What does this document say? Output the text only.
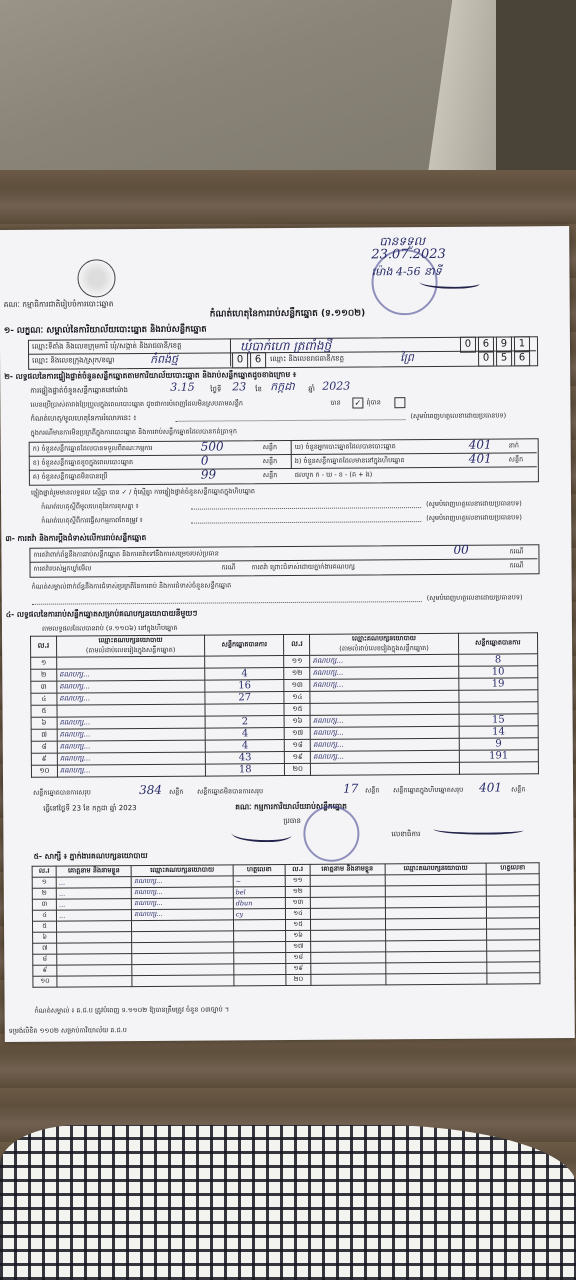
គណៈ កម្មាធិការជាតិរៀបចំការបោះឆ្នោត
កំណត់ហេតុនៃការរាប់សន្លឹកឆ្នោត (ទ.១១០២)
បានទទួល
23.07.2023
ម៉ោង 4-56 នាទី
១- លក្ខណៈ សម្គាល់នៃការិយាល័យបោះឆ្នោត និងរាប់សន្លឹកឆ្នោត
ឈ្មោះទីតាំង និងលេខក្រុមការិ ឃុំ/សង្កាត់ និងរាជធានី/ខេត្ត	ឃុំបាក់ហោ ត្រពាំងថ្មី	0	6	9	1
ឈ្មោះ និងលេខក្រុង/ស្រុក/ខណ្ឌ	កំពង់ថ្ម	0	6	ឈ្មោះ និងលេខរាជធានី/ខេត្ត	ព្រៃ	0	5	6
២- លទ្ធផលនៃការផ្ទៀងផ្ទាត់ចំនួនសន្លឹកឆ្នោតតាមការិយាល័យបោះឆ្នោត និងរាប់សន្លឹកឆ្នោតដូចខាងក្រោម ៖
ការផ្ទៀងផ្ទាត់ចំនួនសន្លឹកឆ្នោតនៅម៉ោង	3.15 ថ្ងៃទី 23 ខែ កក្កដា ឆ្នាំ 2023
លេខប្រើប្រាស់តារាងប្រែប្រួលក្នុងពេលបោះឆ្នោត ដូចជាការបំពេញដែលមិនស្របតាមសន្លឹក	បាន ✓ ពុំបាន
កំណត់ហេតុ/មូលហេតុនៃការរំលោភនេះ ៖	(សូមបំពេញហត្ថលេខាដោយប្រធានបទ)
ក្នុងករណីមានការមិនប្រក្រតីក្នុងការបោះឆ្នោត និងការរាប់សន្លឹកឆ្នោតដែលបានកត់ត្រាទុក
ក) ចំនួនសន្លឹកឆ្នោតដែលបានទទួលពីគណៈកម្មការ	500	សន្លឹក
ខ) ចំនួនសន្លឹកឆ្នោតខូចក្នុងពេលបោះឆ្នោត	0	សន្លឹក
គ) ចំនួនសន្លឹកឆ្នោតមិនបានប្រើ	99	សន្លឹក
ឃ) ចំនួនអ្នកបោះឆ្នោតដែលបានបោះឆ្នោត	401	នាក់
ង) ចំនួនសន្លឹកឆ្នោតដែលមាននៅក្នុងហិបឆ្នោត	401	សន្លឹក
ផលបូក ក - ឃ - ខ - (គ + ង)
ផ្ទៀងផ្ទាត់រួមមានលទ្ធផល ស្មើគ្នា បាន ✓ / ពុំស្មើគ្នា ការផ្ទៀងផ្ទាត់ចំនួនសន្លឹកឆ្នោតក្នុងហិបឆ្នោត
កំណត់ហេតុស្ដីពីមូលហេតុនៃការខុសគ្នា ៖	(សូមបំពេញហត្ថលេខាដោយប្រធានបទ)
កំណត់ហេតុស្ដីពីការធ្វើសកម្មភាពកែតម្រូវ ៖	(សូមបំពេញហត្ថលេខាដោយប្រធានបទ)
៣- ការតវ៉ា និងការប្តឹងជំទាស់លើការរាប់សន្លឹកឆ្នោត
ការតវ៉ាពាក់ព័ន្ធនឹងការរាប់សន្លឹកឆ្នោត និងការតវ៉ាទៅនឹងការសម្រេចរបស់ប្រធាន	00	ករណី
ការតវ៉ារបស់អ្នកឃ្លាំមើល	ករណី ការតវ៉ា ព្រោះជំទាស់ដោយភ្នាក់ងារគណបក្ស	ករណី
កំណត់សម្គាល់ពាក់ព័ន្ធនឹងការជំទាស់ប្រក្រតីនៃការរាប់ និងការជំទាស់ចំនួនសន្លឹកឆ្នោត
(សូមបំពេញហត្ថលេខាដោយប្រធានបទ)
៤- លទ្ធផលនៃការរាប់សន្លឹកឆ្នោតសម្រាប់គណបក្សនយោបាយនីមួយៗ
តាមលទ្ធផលដែលបានរាប់ (ទ.១១០៦) នៅក្នុងហិបឆ្នោត
ល.រ	ឈ្មោះគណបក្សនយោបាយ
(តាមលំដាប់លេខរៀងក្នុងសន្លឹកឆ្នោត)	សន្លឹកឆ្នោតបានការ	ល.រ	ឈ្មោះគណបក្សនយោបាយ
(តាមលំដាប់លេខរៀងក្នុងសន្លឹកឆ្នោត)	សន្លឹកឆ្នោតបានការ
១			១១	គណបក្ស...	8
២	គណបក្ស...	4	១២	គណបក្ស...	10
៣	គណបក្ស...	16	១៣	គណបក្ស...	19
៤	គណបក្ស...	27	១៤		
៥			១៥		
៦	គណបក្ស...	2	១៦	គណបក្ស...	15
៧	គណបក្ស...	4	១៧	គណបក្ស...	14
៨	គណបក្ស...	4	១៨	គណបក្ស...	9
៩	គណបក្ស...	43	១៩	គណបក្ស...	191
១០	គណបក្ស...	18	២០		
សន្លឹកឆ្នោតបានការសរុប	384 សន្លឹក សន្លឹកឆ្នោតមិនបានការសរុប	17 សន្លឹក សន្លឹកឆ្នោតក្នុងហិបឆ្នោតសរុប 401 សន្លឹក
ធ្វើនៅថ្ងៃទី 23 ខែ កក្កដា ឆ្នាំ 2023	គណៈ កម្មការការិយាល័យរាប់សន្លឹកឆ្នោត
ប្រធាន
លេខាធិការ
៥- សាក្សី ៖ ភ្នាក់ងារគណបក្សនយោបាយ
ល.រ	គោត្តនាម និងនាមខ្លួន	ឈ្មោះគណបក្សនយោបាយ	ហត្ថលេខា	ល.រ	គោត្តនាម និងនាមខ្លួន	ឈ្មោះគណបក្សនយោបាយ	ហត្ថលេខា
១	...	គណបក្ស...	~	១១			
២	...	គណបក្ស...	bel	១២			
៣	...	គណបក្ស...	dbun	១៣			
៤	...	គណបក្ស...	cy	១៤			
៥				១៥			
៦				១៦			
៧				១៧			
៨				១៨			
៩				១៩			
១០				២០			
កំណត់សម្គាល់ ៖ គ.ជ.ប ត្រូវបំពេញ ទ.១១០២ ឱ្យបានត្រឹមត្រូវ ចំនួន ០៣ច្បាប់ ។
ទម្រង់លិខិត ១១០២ សម្រាប់ការិយាល័យ គ.ជ.ប
